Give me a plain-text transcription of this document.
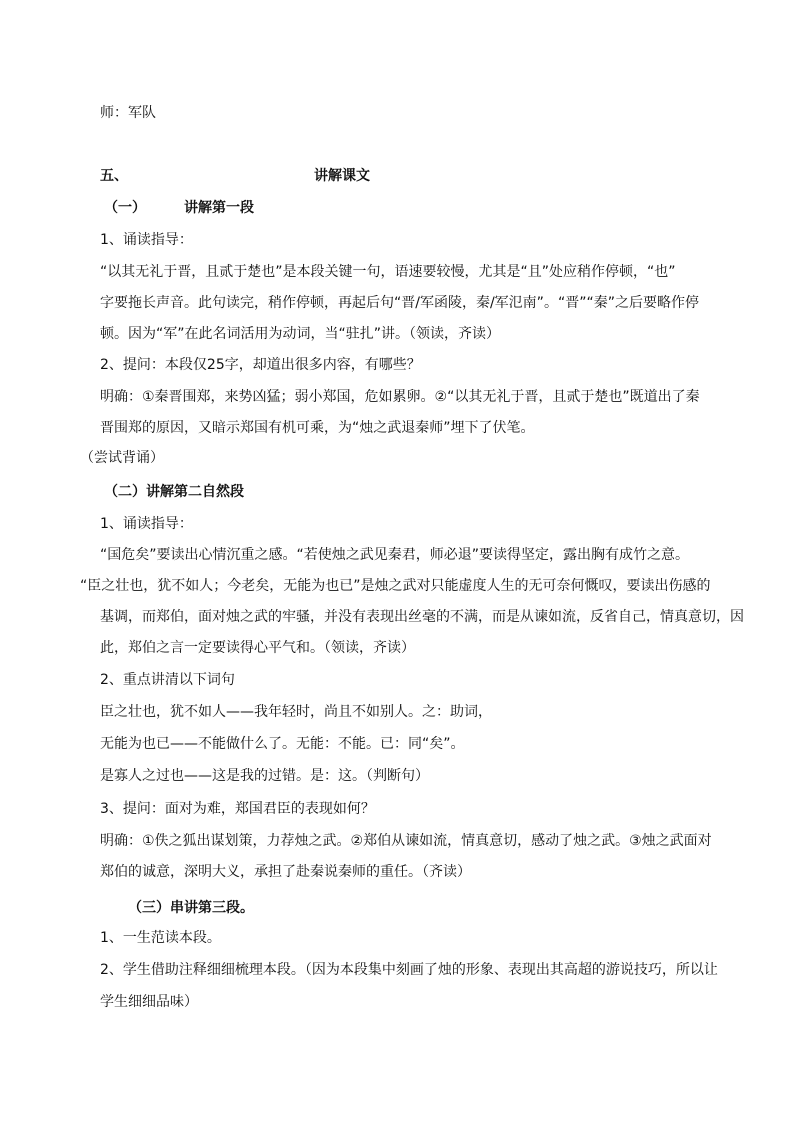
师：军队
五、	讲解课文
（一）	讲解第一段
1、诵读指导：
“以其无礼于晋，且贰于楚也”是本段关键一句，语速要较慢，尤其是“且”处应稍作停顿，“也”
字要拖长声音。此句读完，稍作停顿，再起后句“晋/军函陵，秦/军氾南”。“晋”“秦”之后要略作停
顿。因为“军”在此名词活用为动词，当“驻扎”讲。（领读，齐读）
2、提问：本段仅25字，却道出很多内容，有哪些？
明确：①秦晋围郑，来势凶猛；弱小郑国，危如累卵。②“以其无礼于晋，且贰于楚也”既道出了秦
晋围郑的原因，又暗示郑国有机可乘，为“烛之武退秦师”埋下了伏笔。
（尝试背诵）
（二）讲解第二自然段
1、诵读指导：
“国危矣”要读出心情沉重之感。“若使烛之武见秦君，师必退”要读得坚定，露出胸有成竹之意。
“臣之壮也，犹不如人；今老矣，无能为也已”是烛之武对只能虚度人生的无可奈何慨叹，要读出伤感的
基调，而郑伯，面对烛之武的牢骚，并没有表现出丝毫的不满，而是从谏如流，反省自己，情真意切，因
此，郑伯之言一定要读得心平气和。（领读，齐读）
2、重点讲清以下词句
臣之壮也，犹不如人——我年轻时，尚且不如别人。之：助词，
无能为也已——不能做什么了。无能：不能。已：同“矣”。
是寡人之过也——这是我的过错。是：这。（判断句）
3、提问：面对为难，郑国君臣的表现如何？
明确：①佚之狐出谋划策，力荐烛之武。②郑伯从谏如流，情真意切，感动了烛之武。③烛之武面对
郑伯的诚意，深明大义，承担了赴秦说秦师的重任。（齐读）
（三）串讲第三段。
1、一生范读本段。
2、学生借助注释细细梳理本段。（因为本段集中刻画了烛的形象、表现出其高超的游说技巧，所以让
学生细细品味）
